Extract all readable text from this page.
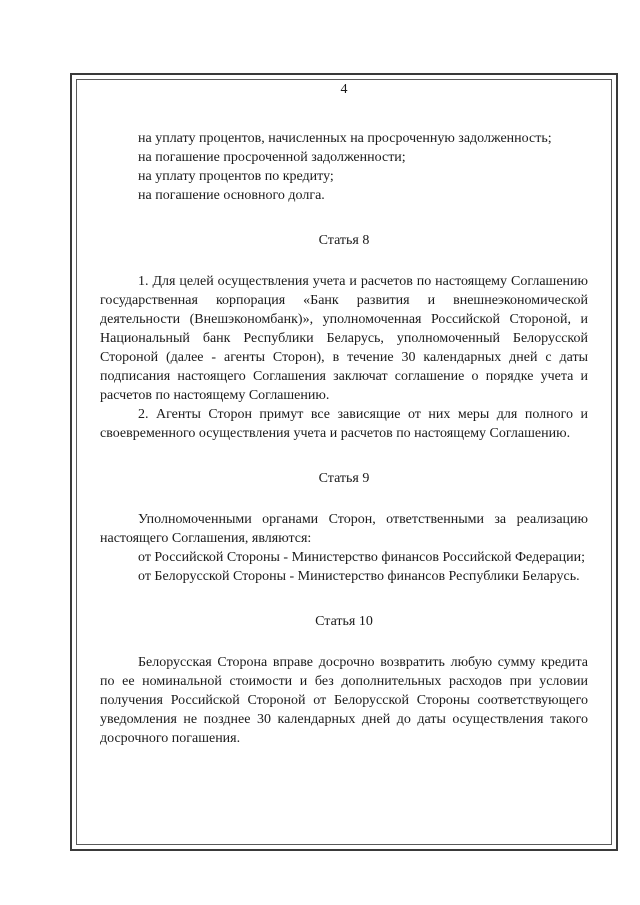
4

на уплату процентов, начисленных на просроченную задолженность;

на погашение просроченной задолженности;

на уплату процентов по кредиту;

на погашение основного долга.

Статья 8

1. Для целей осуществления учета и расчетов по настоящему Соглашению государственная корпорация «Банк развития и внешнеэкономической деятельности (Внешэкономбанк)», уполномоченная Российской Стороной, и Национальный банк Республики Беларусь, уполномоченный Белорусской Стороной (далее - агенты Сторон), в течение 30 календарных дней с даты подписания настоящего Соглашения заключат соглашение о порядке учета и расчетов по настоящему Соглашению.

2. Агенты Сторон примут все зависящие от них меры для полного и своевременного осуществления учета и расчетов по настоящему Соглашению.

Статья 9

Уполномоченными органами Сторон, ответственными за реализацию настоящего Соглашения, являются:

от Российской Стороны - Министерство финансов Российской Федерации;

от Белорусской Стороны - Министерство финансов Республики Беларусь.

Статья 10

Белорусская Сторона вправе досрочно возвратить любую сумму кредита по ее номинальной стоимости и без дополнительных расходов при условии получения Российской Стороной от Белорусской Стороны соответствующего уведомления не позднее 30 календарных дней до даты осуществления такого досрочного погашения.
